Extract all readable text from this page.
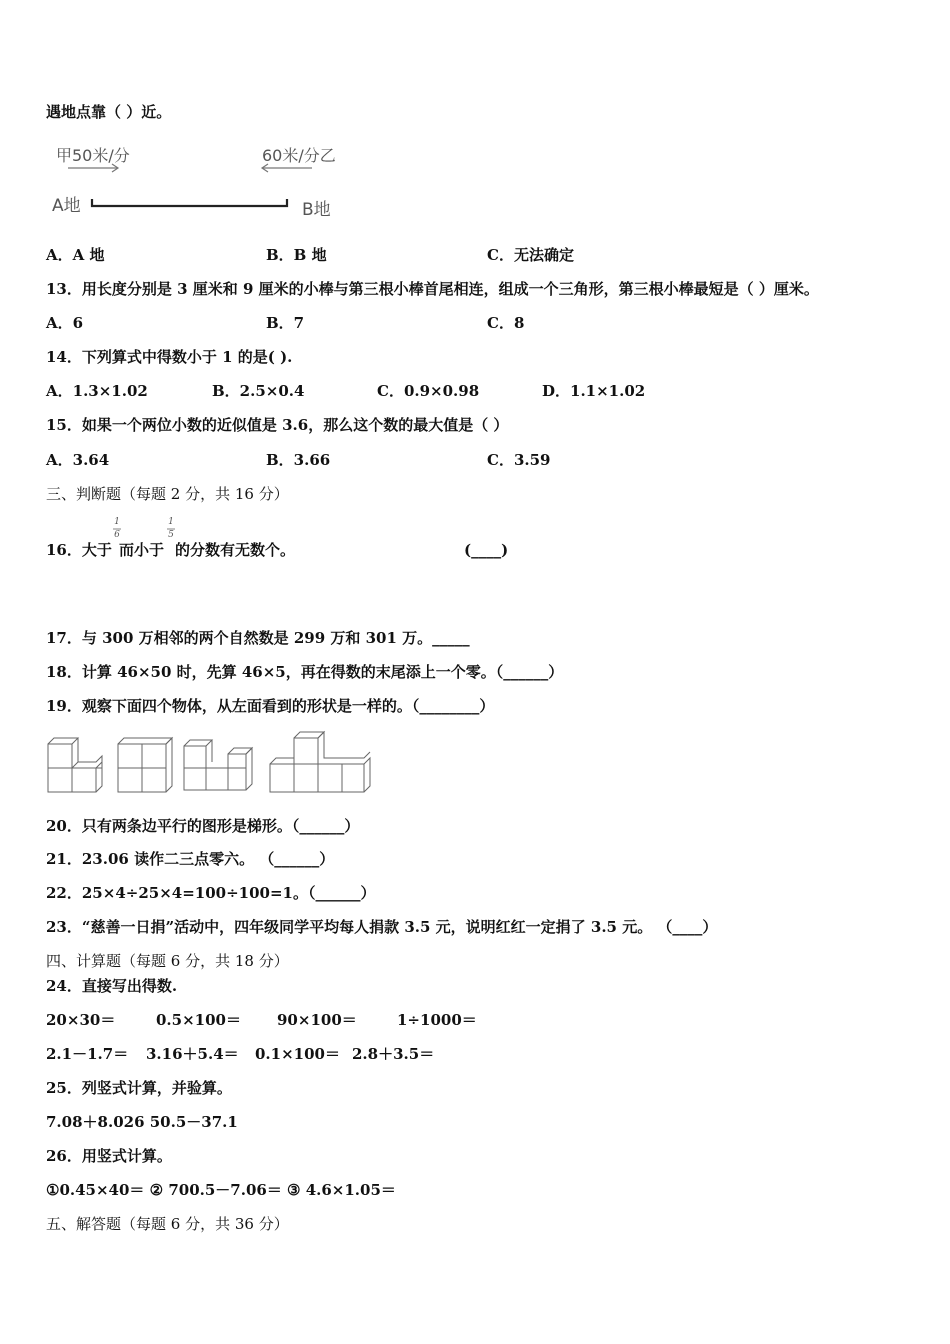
遇地点靠（ ）近。
甲50米/分	60米/分乙
A地	B地
A．A 地	B．B 地	C．无法确定
13．用长度分别是 3 厘米和 9 厘米的小棒与第三根小棒首尾相连，组成一个三角形，第三根小棒最短是（ ）厘米。
A．6	B．7	C．8
14．下列算式中得数小于 1 的是( ).
A．1.3×1.02	B．2.5×0.4	C．0.9×0.98	D．1.1×1.02
15．如果一个两位小数的近似值是 3.6，那么这个数的最大值是（ ）
A．3.64	B．3.66	C．3.59
三、判断题（每题 2 分，共 16 分）
16．大于
1
6
而小于
1
5
的分数有无数个。	(____)
17．与 300 万相邻的两个自然数是 299 万和 301 万。_____
18．计算 46×50 时，先算 46×5，再在得数的末尾添上一个零。（______）
19．观察下面四个物体，从左面看到的形状是一样的。（________）
20．只有两条边平行的图形是梯形。（______）
21．23.06 读作二三点零六。 （______）
22．25×4÷25×4=100÷100=1。（______）
23．“慈善一日捐”活动中，四年级同学平均每人捐款 3.5 元，说明红红一定捐了 3.5 元。 （____）
四、计算题（每题 6 分，共 18 分）
24．直接写出得数.
20×30＝	0.5×100＝ 90×100＝	1÷1000＝
2.1－1.7＝ 3.16＋5.4＝ 0.1×100＝ 2.8＋3.5＝
25．列竖式计算，并验算。
7.08＋8.026 50.5－37.1
26．用竖式计算。
①0.45×40＝ ② 700.5－7.06＝ ③ 4.6×1.05＝
五、解答题（每题 6 分，共 36 分）
